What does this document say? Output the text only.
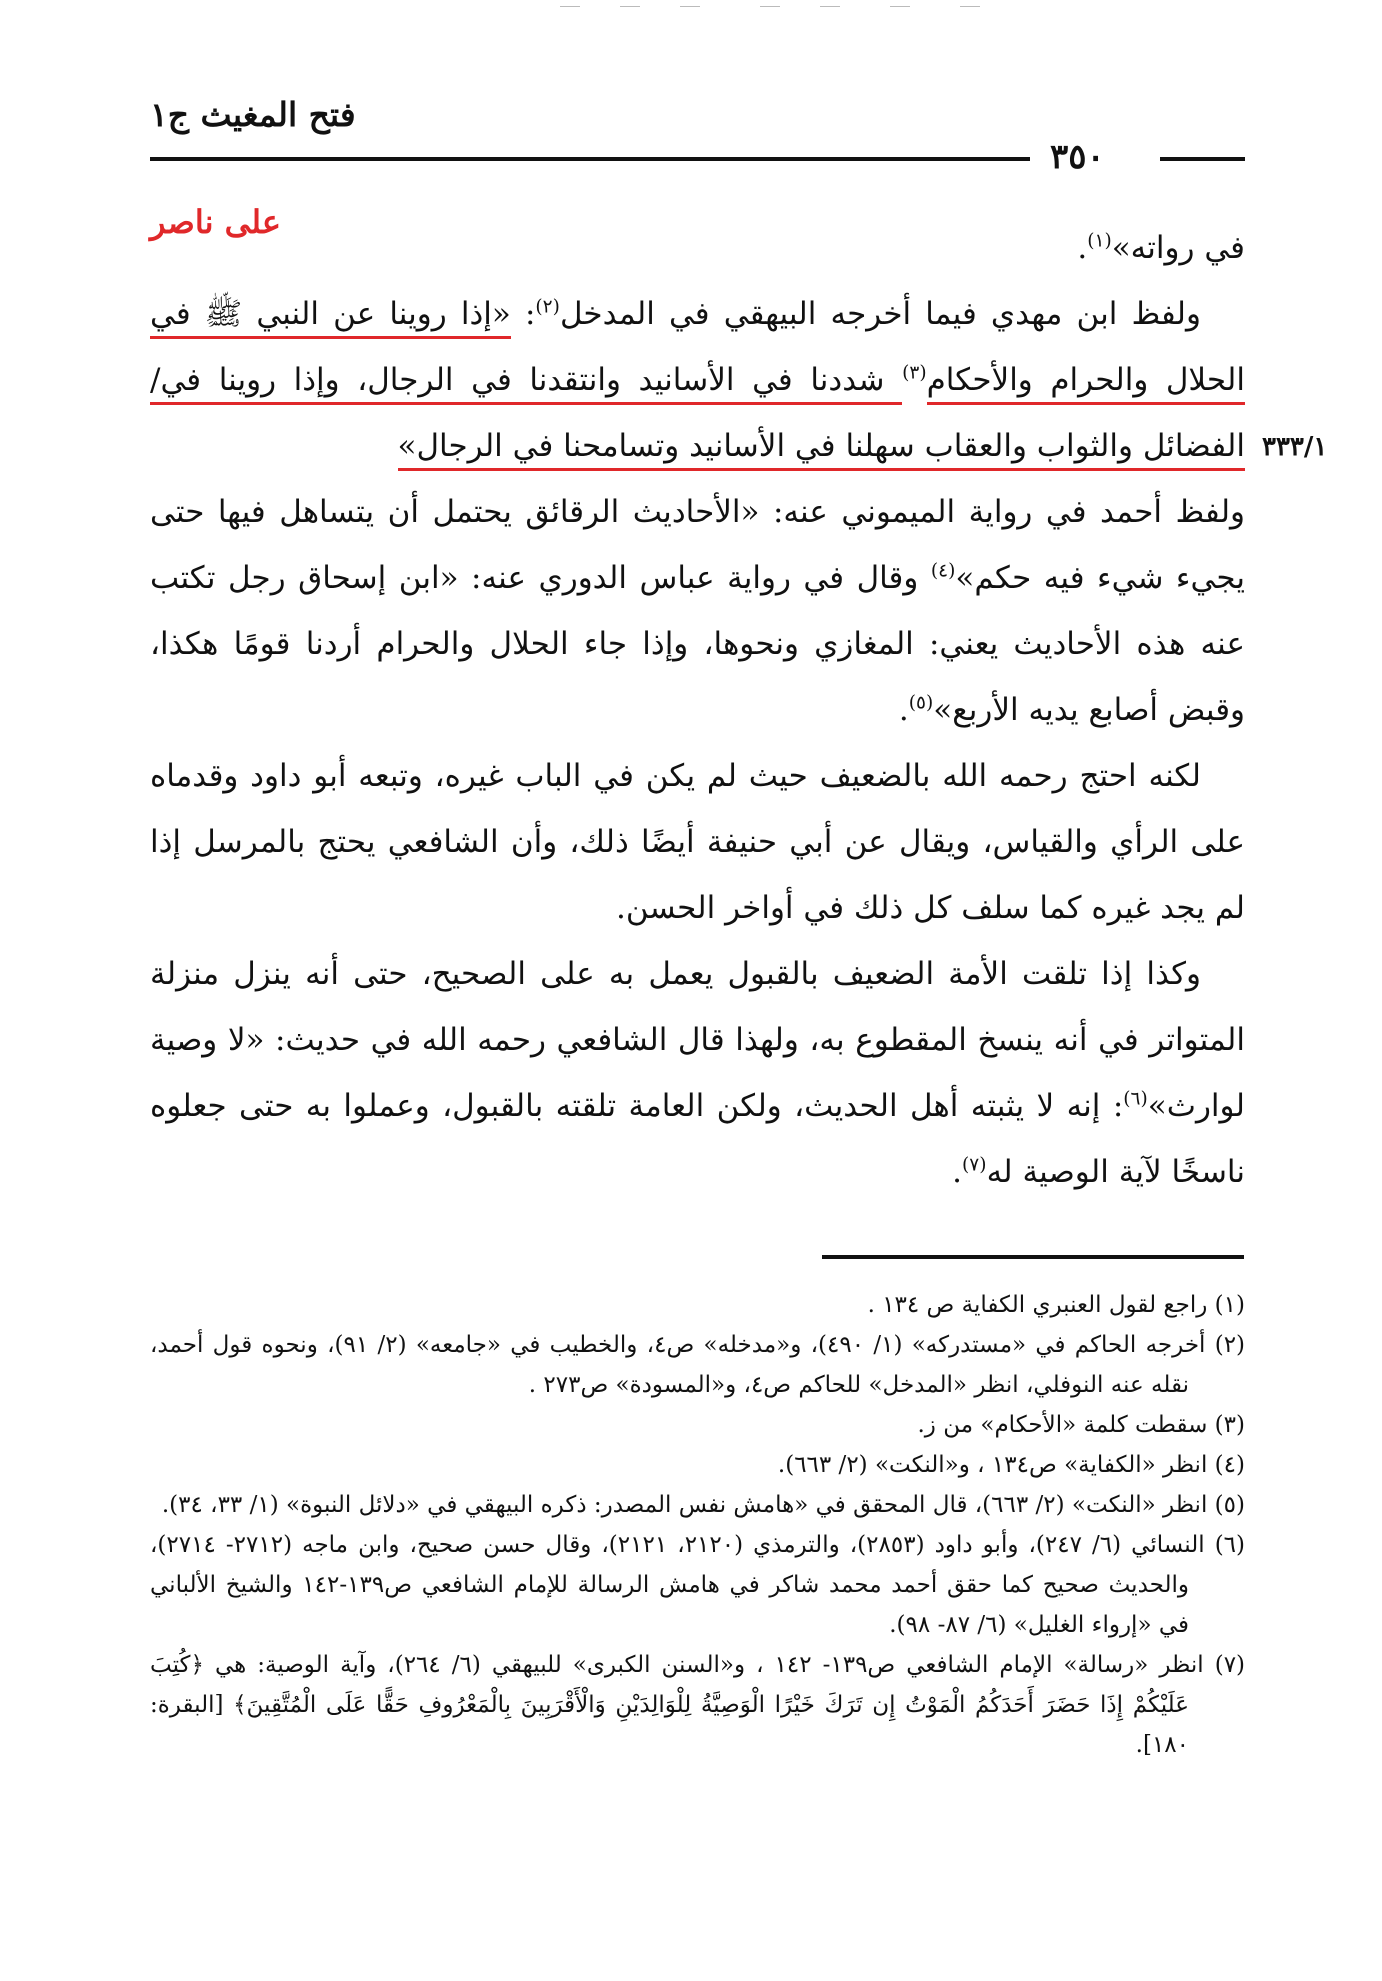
فتح المغيث ج١
٣٥٠
على ناصر
٣٣٣/١

في رواته»$^{(١)}$.

ولفظ ابن مهدي فيما أخرجه البيهقي في المدخل$^{(٢)}$: «إذا روينا عن النبي ﷺ في الحلال والحرام والأحكام$^{(٣)}$ شددنا في الأسانيد وانتقدنا في الرجال، وإذا روينا في/ الفضائل والثواب والعقاب سهلنا في الأسانيد وتسامحنا في الرجال»

ولفظ أحمد في رواية الميموني عنه: «الأحاديث الرقائق يحتمل أن يتساهل فيها حتى يجيء شيء فيه حكم»$^{(٤)}$ وقال في رواية عباس الدوري عنه: «ابن إسحاق رجل تكتب عنه هذه الأحاديث يعني: المغازي ونحوها، وإذا جاء الحلال والحرام أردنا قومًا هكذا، وقبض أصابع يديه الأربع»$^{(٥)}$.

لكنه احتج رحمه الله بالضعيف حيث لم يكن في الباب غيره، وتبعه أبو داود وقدماه على الرأي والقياس، ويقال عن أبي حنيفة أيضًا ذلك، وأن الشافعي يحتج بالمرسل إذا لم يجد غيره كما سلف كل ذلك في أواخر الحسن.

وكذا إذا تلقت الأمة الضعيف بالقبول يعمل به على الصحيح، حتى أنه ينزل منزلة المتواتر في أنه ينسخ المقطوع به، ولهذا قال الشافعي رحمه الله في حديث: «لا وصية لوارث»$^{(٦)}$: إنه لا يثبته أهل الحديث، ولكن العامة تلقته بالقبول، وعملوا به حتى جعلوه ناسخًا لآية الوصية له$^{(٧)}$.

(١) راجع لقول العنبري الكفاية ص ١٣٤ .

(٢) أخرجه الحاكم في «مستدركه» (١/ ٤٩٠)، و«مدخله» ص٤، والخطيب في «جامعه» (٢/ ٩١)، ونحوه قول أحمد، نقله عنه النوفلي، انظر «المدخل» للحاكم ص٤، و«المسودة» ص٢٧٣ .

(٣) سقطت كلمة «الأحكام» من ز.

(٤) انظر «الكفاية» ص١٣٤ ، و«النكت» (٢/ ٦٦٣).

(٥) انظر «النكت» (٢/ ٦٦٣)، قال المحقق في «هامش نفس المصدر: ذكره البيهقي في «دلائل النبوة» (١/ ٣٣، ٣٤).

(٦) النسائي (٦/ ٢٤٧)، وأبو داود (٢٨٥٣)، والترمذي (٢١٢٠، ٢١٢١)، وقال حسن صحيح، وابن ماجه (٢٧١٢- ٢٧١٤)، والحديث صحيح كما حقق أحمد محمد شاكر في هامش الرسالة للإمام الشافعي ص١٣٩-١٤٢ والشيخ الألباني في «إرواء الغليل» (٦/ ٨٧- ٩٨).

(٧) انظر «رسالة» الإمام الشافعي ص١٣٩- ١٤٢ ، و«السنن الكبرى» للبيهقي (٦/ ٢٦٤)، وآية الوصية: هي ﴿كُتِبَ عَلَيْكُمْ إِذَا حَضَرَ أَحَدَكُمُ الْمَوْتُ إِن تَرَكَ خَيْرًا الْوَصِيَّةُ لِلْوَالِدَيْنِ وَالْأَقْرَبِينَ بِالْمَعْرُوفِ حَقًّا عَلَى الْمُتَّقِينَ﴾ [البقرة: ١٨٠].
